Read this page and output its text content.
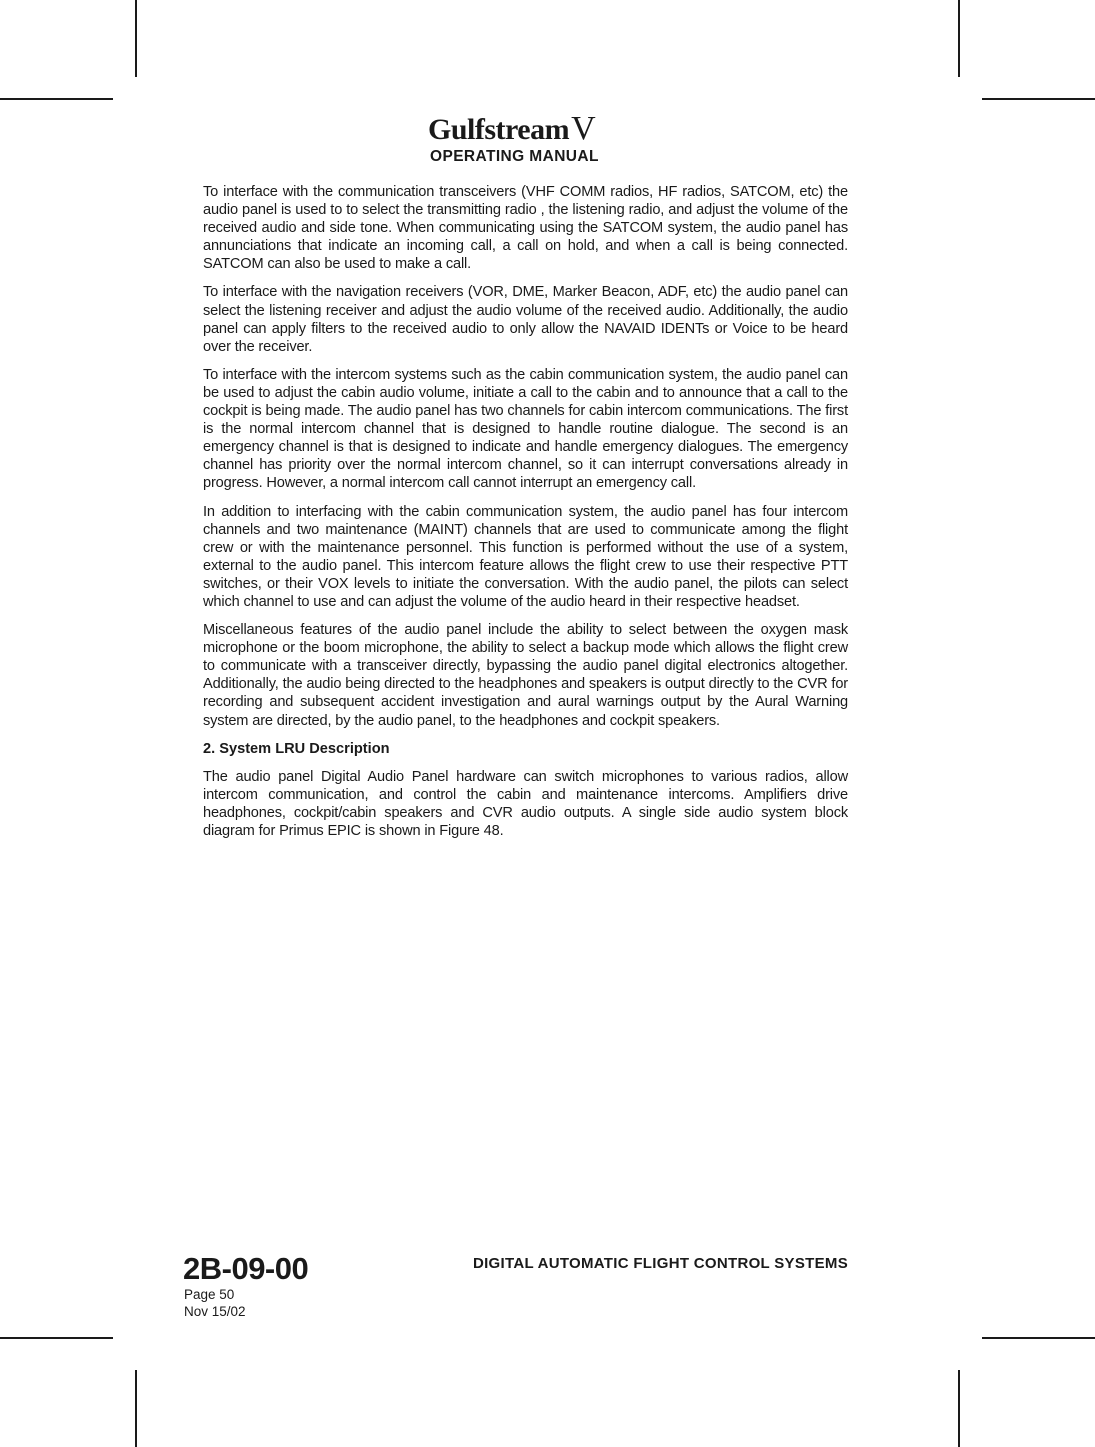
GulfstreamV
OPERATING MANUAL

To interface with the communication transceivers (VHF COMM radios, HF radios, SATCOM, etc) the audio panel is used to to select the transmitting radio , the listening radio, and adjust the volume of the received audio and side tone. When communicating using the SATCOM system, the audio panel has annunciations that indicate an incoming call, a call on hold, and when a call is being connected. SATCOM can also be used to make a call.

To interface with the navigation receivers (VOR, DME, Marker Beacon, ADF, etc) the audio panel can select the listening receiver and adjust the audio volume of the received audio. Additionally, the audio panel can apply filters to the received audio to only allow the NAVAID IDENTs or Voice to be heard over the receiver.

To interface with the intercom systems such as the cabin communication system, the audio panel can be used to adjust the cabin audio volume, initiate a call to the cabin and to announce that a call to the cockpit is being made. The audio panel has two channels for cabin intercom communications. The first is the normal intercom channel that is designed to handle routine dialogue. The second is an emergency channel is that is designed to indicate and handle emergency dialogues. The emergency channel has priority over the normal intercom channel, so it can interrupt conversations already in progress. However, a normal intercom call cannot interrupt an emergency call.

In addition to interfacing with the cabin communication system, the audio panel has four intercom channels and two maintenance (MAINT) channels that are used to communicate among the flight crew or with the maintenance personnel. This function is performed without the use of a system, external to the audio panel. This intercom feature allows the flight crew to use their respective PTT switches, or their VOX levels to initiate the conversation. With the audio panel, the pilots can select which channel to use and can adjust the volume of the audio heard in their respective headset.

Miscellaneous features of the audio panel include the ability to select between the oxygen mask microphone or the boom microphone, the ability to select a backup mode which allows the flight crew to communicate with a transceiver directly, bypassing the audio panel digital electronics altogether. Additionally, the audio being directed to the headphones and speakers is output directly to the CVR for recording and subsequent accident investigation and aural warnings output by the Aural Warning system are directed, by the audio panel, to the headphones and cockpit speakers.

2. System LRU Description

The audio panel Digital Audio Panel hardware can switch microphones to various radios, allow intercom communication, and control the cabin and maintenance intercoms. Amplifiers drive headphones, cockpit/cabin speakers and CVR audio outputs. A single side audio system block diagram for Primus EPIC is shown in Figure 48.

2B-09-00
Page 50
Nov 15/02
DIGITAL AUTOMATIC FLIGHT CONTROL SYSTEMS
